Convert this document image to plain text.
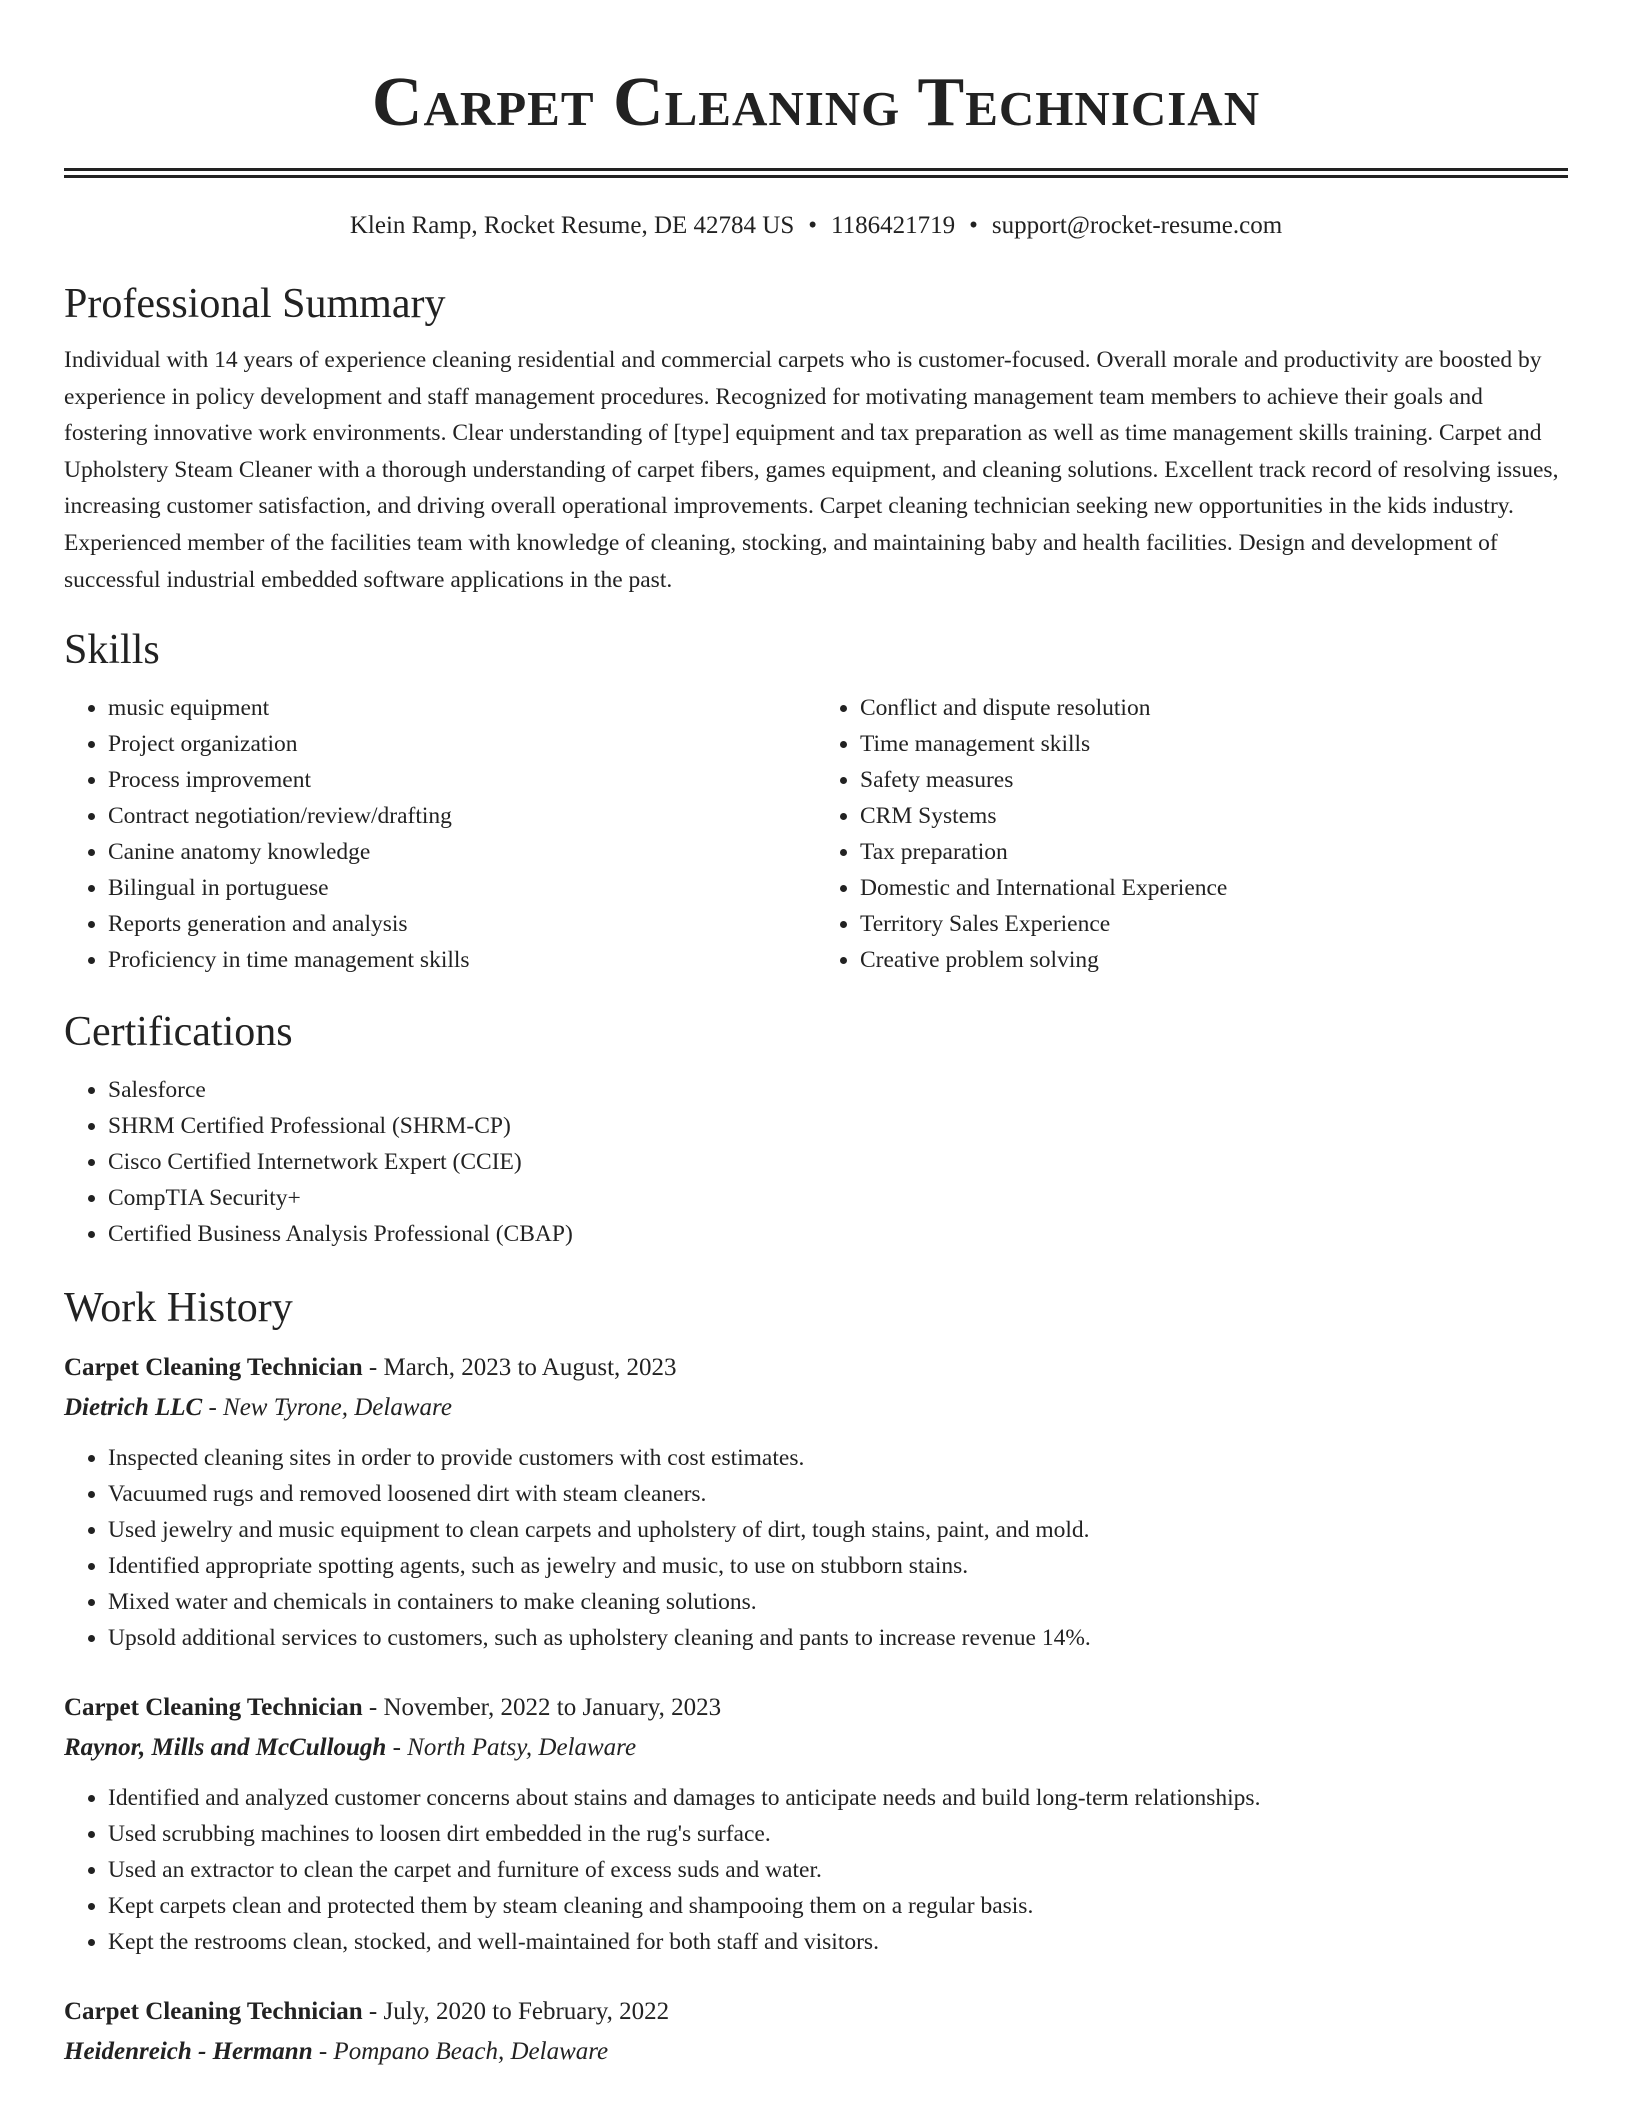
Carpet Cleaning Technician
Klein Ramp, Rocket Resume, DE 42784 US • 1186421719 • support@rocket-resume.com
Professional Summary

Individual with 14 years of experience cleaning residential and commercial carpets who is customer-focused. Overall morale and productivity are boosted by experience in policy development and staff management procedures. Recognized for motivating management team members to achieve their goals and fostering innovative work environments. Clear understanding of [type] equipment and tax preparation as well as time management skills training. Carpet and Upholstery Steam Cleaner with a thorough understanding of carpet fibers, games equipment, and cleaning solutions. Excellent track record of resolving issues, increasing customer satisfaction, and driving overall operational improvements. Carpet cleaning technician seeking new opportunities in the kids industry. Experienced member of the facilities team with knowledge of cleaning, stocking, and maintaining baby and health facilities. Design and development of successful industrial embedded software applications in the past.

Skills
• music equipment
• Project organization
• Process improvement
• Contract negotiation/review/drafting
• Canine anatomy knowledge
• Bilingual in portuguese
• Reports generation and analysis
• Proficiency in time management skills
• Conflict and dispute resolution
• Time management skills
• Safety measures
• CRM Systems
• Tax preparation
• Domestic and International Experience
• Territory Sales Experience
• Creative problem solving
Certifications
• Salesforce
• SHRM Certified Professional (SHRM-CP)
• Cisco Certified Internetwork Expert (CCIE)
• CompTIA Security+
• Certified Business Analysis Professional (CBAP)
Work History
Carpet Cleaning Technician - March, 2023 to August, 2023
Dietrich LLC - New Tyrone, Delaware
• Inspected cleaning sites in order to provide customers with cost estimates.
• Vacuumed rugs and removed loosened dirt with steam cleaners.
• Used jewelry and music equipment to clean carpets and upholstery of dirt, tough stains, paint, and mold.
• Identified appropriate spotting agents, such as jewelry and music, to use on stubborn stains.
• Mixed water and chemicals in containers to make cleaning solutions.
• Upsold additional services to customers, such as upholstery cleaning and pants to increase revenue 14%.
Carpet Cleaning Technician - November, 2022 to January, 2023
Raynor, Mills and McCullough - North Patsy, Delaware
• Identified and analyzed customer concerns about stains and damages to anticipate needs and build long-term relationships.
• Used scrubbing machines to loosen dirt embedded in the rug's surface.
• Used an extractor to clean the carpet and furniture of excess suds and water.
• Kept carpets clean and protected them by steam cleaning and shampooing them on a regular basis.
• Kept the restrooms clean, stocked, and well-maintained for both staff and visitors.
Carpet Cleaning Technician - July, 2020 to February, 2022
Heidenreich - Hermann - Pompano Beach, Delaware
